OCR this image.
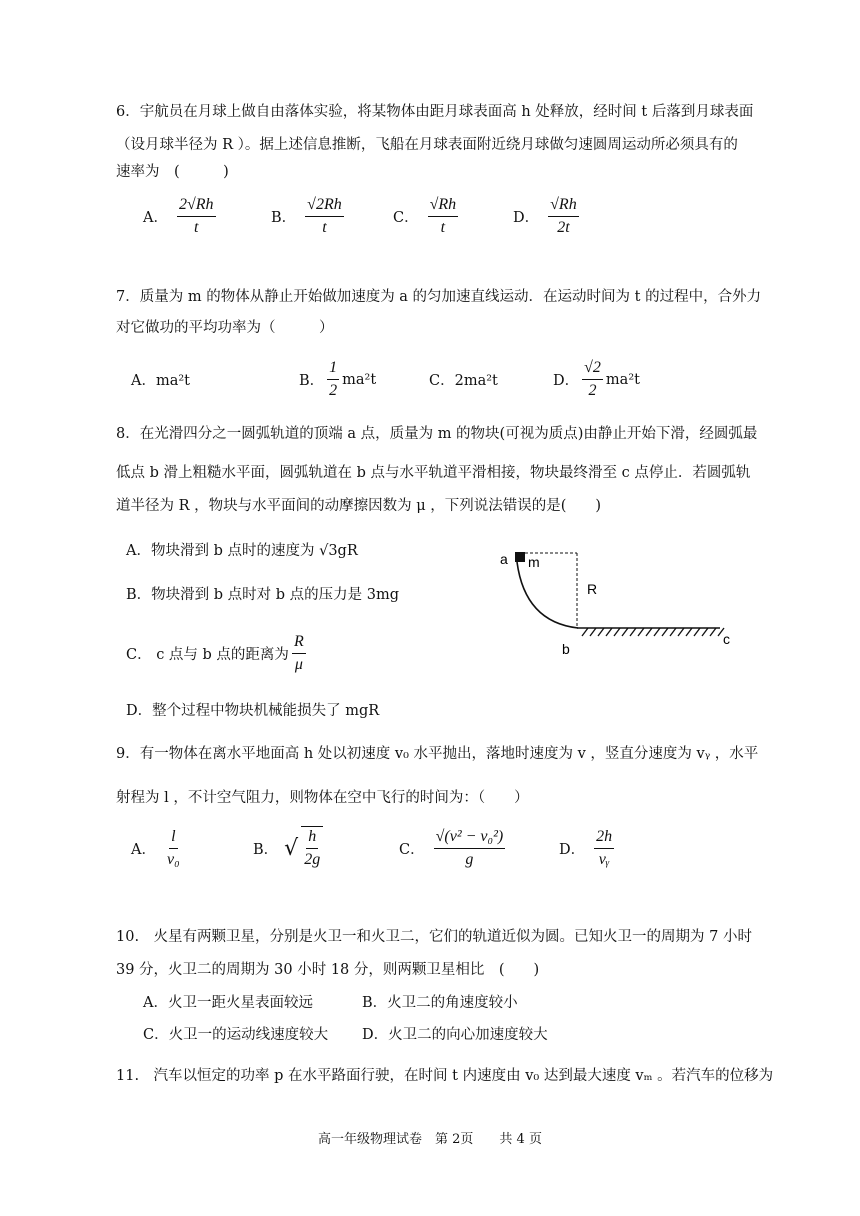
6．宇航员在月球上做自由落体实验，将某物体由距月球表面高 h 处释放，经时间 t 后落到月球表面
（设月球半径为 R ）。据上述信息推断，飞船在月球表面附近绕月球做匀速圆周运动所必须具有的
速率为　(　　　)
A． $\frac{2√Rh}{t}$	B． $\frac{√2Rh}{t}$	C． $\frac{√Rh}{t}$	D． $\frac{√Rh}{2t}$
7．质量为 m 的物体从静止开始做加速度为 a 的匀加速直线运动．在运动时间为 t 的过程中，合外力
对它做功的平均功率为（　　　）
A．ma²t	B． $\frac{1}{2} ma^2t$	C．2ma²t	D． $\frac{√2}{2} ma^2t$
8．在光滑四分之一圆弧轨道的顶端 a 点，质量为 m 的物块(可视为质点)由静止开始下滑，经圆弧最
低点 b 滑上粗糙水平面，圆弧轨道在 b 点与水平轨道平滑相接，物块最终滑至 c 点停止．若圆弧轨
道半径为 R ，物块与水平面间的动摩擦因数为 μ ，下列说法错误的是(　　)
A．物块滑到 b 点时的速度为 √3gR
B．物块滑到 b 点时对 b 点的压力是 3mg
C． c 点与 b 点的距离为 $\frac{R}{\mu}$
D．整个过程中物块机械能损失了 mgR
a m
R
b
c
9．有一物体在离水平地面高 h 处以初速度 v₀ 水平抛出，落地时速度为 v ，竖直分速度为 vᵧ ，水平
射程为 l ，不计空气阻力，则物体在空中飞行的时间为：（　　）
A． $\frac{l}{\text{v₀}}$	B． √ $\frac{h}{2g}$	C． $\frac{\text{√(v² − v₀²)}}{g}$	D． $\frac{2h}{\text{vᵧ}}$
10.　火星有两颗卫星，分别是火卫一和火卫二，它们的轨道近似为圆。已知火卫一的周期为 7 小时
39 分，火卫二的周期为 30 小时 18 分，则两颗卫星相比　(　　)
A．火卫一距火星表面较远	B．火卫二的角速度较小
C．火卫一的运动线速度较大 D．火卫二的向心加速度较大
11.　汽车以恒定的功率 p 在水平路面行驶，在时间 t 内速度由 v₀ 达到最大速度 vₘ 。若汽车的位移为
高一年级物理试卷　第 2页　　共 4 页
